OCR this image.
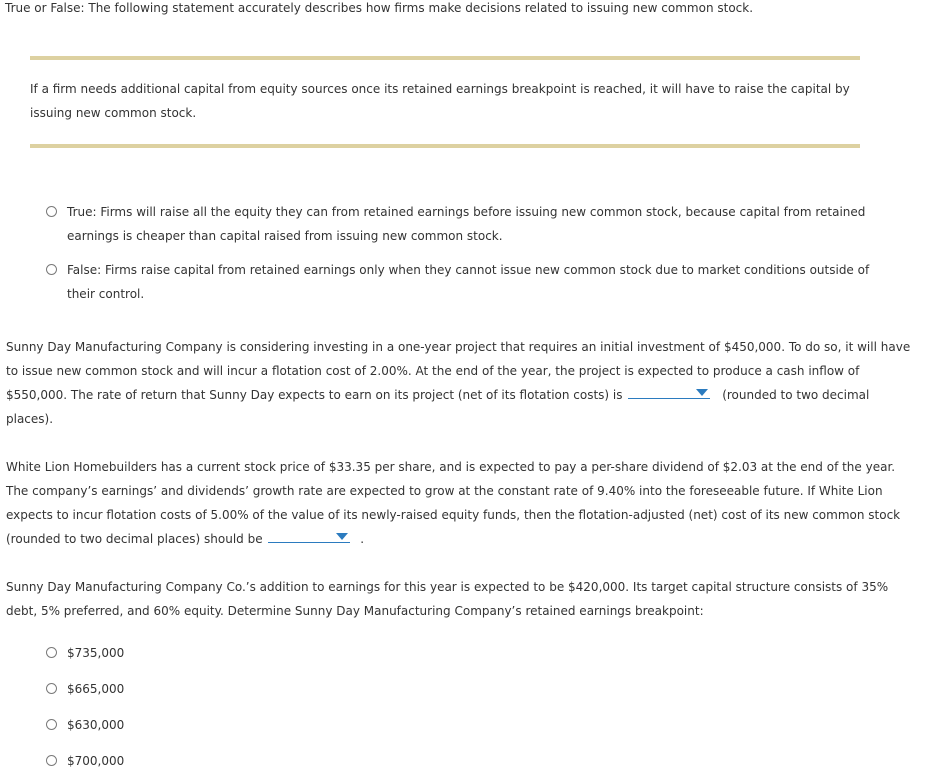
True or False: The following statement accurately describes how firms make decisions related to issuing new common stock.
If a firm needs additional capital from equity sources once its retained earnings breakpoint is reached, it will have to raise the capital by
issuing new common stock.
True: Firms will raise all the equity they can from retained earnings before issuing new common stock, because capital from retained
earnings is cheaper than capital raised from issuing new common stock.
False: Firms raise capital from retained earnings only when they cannot issue new common stock due to market conditions outside of
their control.
Sunny Day Manufacturing Company is considering investing in a one-year project that requires an initial investment of $450,000. To do so, it will have
to issue new common stock and will incur a flotation cost of 2.00%. At the end of the year, the project is expected to produce a cash inflow of
$550,000. The rate of return that Sunny Day expects to earn on its project (net of its flotation costs) is	(rounded to two decimal
places).
White Lion Homebuilders has a current stock price of $33.35 per share, and is expected to pay a per-share dividend of $2.03 at the end of the year.
The company’s earnings’ and dividends’ growth rate are expected to grow at the constant rate of 9.40% into the foreseeable future. If White Lion
expects to incur flotation costs of 5.00% of the value of its newly-raised equity funds, then the flotation-adjusted (net) cost of its new common stock
(rounded to two decimal places) should be	.
Sunny Day Manufacturing Company Co.’s addition to earnings for this year is expected to be $420,000. Its target capital structure consists of 35%
debt, 5% preferred, and 60% equity. Determine Sunny Day Manufacturing Company’s retained earnings breakpoint:
$735,000
$665,000
$630,000
$700,000
